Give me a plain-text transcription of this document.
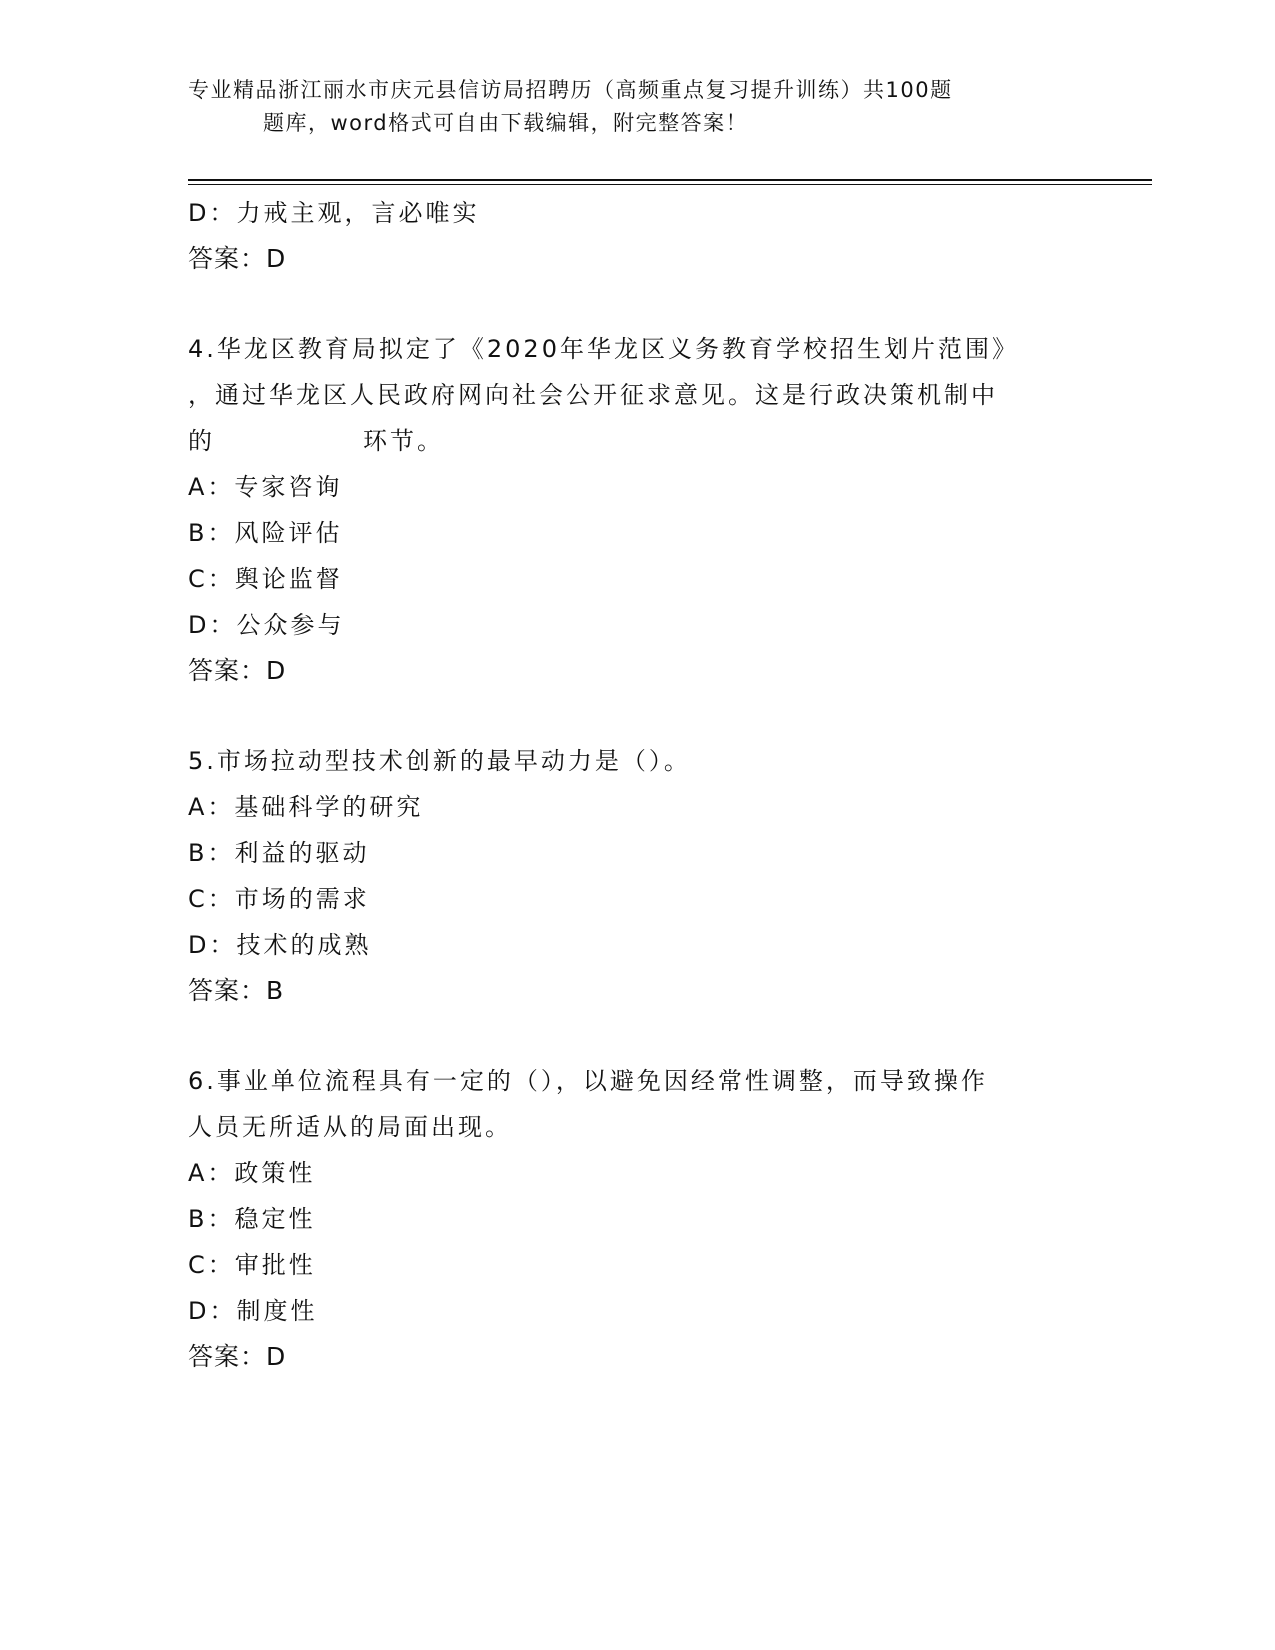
专业精品浙江丽水市庆元县信访局招聘历（高频重点复习提升训练）共100题
题库，word格式可自由下载编辑，附完整答案！
D：力戒主观，言必唯实
答案：D
4.华龙区教育局拟定了《2020年华龙区义务教育学校招生划片范围》
，通过华龙区人民政府网向社会公开征求意见。这是行政决策机制中
的	环节。
A：专家咨询
B：风险评估
C：舆论监督
D：公众参与
答案：D
5.市场拉动型技术创新的最早动力是（）。
A：基础科学的研究
B：利益的驱动
C：市场的需求
D：技术的成熟
答案：B
6.事业单位流程具有一定的（），以避免因经常性调整，而导致操作
人员无所适从的局面出现。
A：政策性
B：稳定性
C：审批性
D：制度性
答案：D
